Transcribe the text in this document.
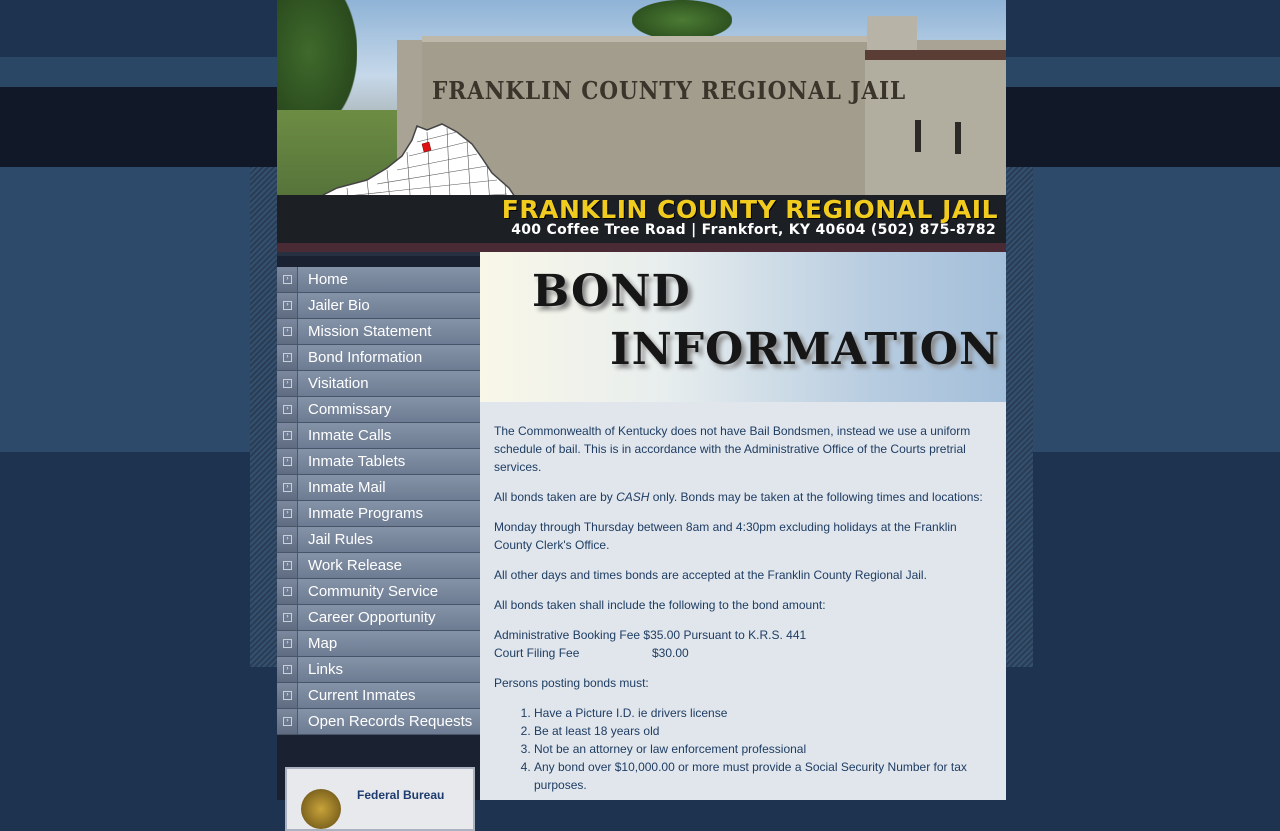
FRANKLIN COUNTY REGIONAL JAIL
FRANKLIN COUNTY REGIONAL JAIL
400 Coffee Tree Road | Frankfort, KY 40604 (502) 875-8782
› Home
› Jailer Bio
› Mission Statement
› Bond Information
› Visitation
› Commissary
› Inmate Calls
› Inmate Tablets
› Inmate Mail
› Inmate Programs
› Jail Rules
› Work Release
› Community Service
› Career Opportunity
› Map
› Links
› Current Inmates
› Open Records Requests
Federal Bureau
BOND
INFORMATION

The Commonwealth of Kentucky does not have Bail Bondsmen, instead we use a uniform schedule of bail. This is in accordance with the Administrative Office of the Courts pretrial services.

All bonds taken are by CASH only. Bonds may be taken at the following times and locations:

Monday through Thursday between 8am and 4:30pm excluding holidays at the Franklin County Clerk's Office.

All other days and times bonds are accepted at the Franklin County Regional Jail.

All bonds taken shall include the following to the bond amount:

Administrative Booking Fee $35.00 Pursuant to K.R.S. 441

Court Filing Fee	$30.00

Persons posting bonds must:

1. Have a Picture I.D. ie drivers license
2. Be at least 18 years old
3. Not be an attorney or law enforcement professional
4. Any bond over $10,000.00 or more must provide a Social Security Number for tax purposes.
